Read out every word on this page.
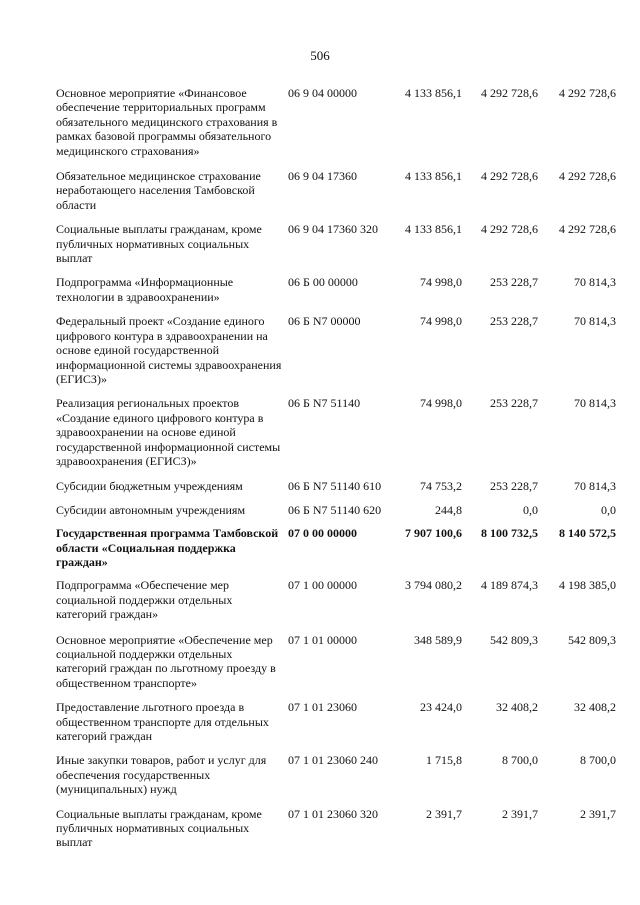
506
Основное мероприятие «Финансовое обеспечение территориальных программ обязательного медицинского страхования в рамках базовой программы обязательного медицинского страхования»
06 9 04 00000	4 133 856,1	4 292 728,6	4 292 728,6
Обязательное медицинское страхование неработающего населения Тамбовской области
06 9 04 17360	4 133 856,1	4 292 728,6	4 292 728,6
Социальные выплаты гражданам, кроме публичных нормативных социальных выплат
06 9 04 17360 320	4 133 856,1	4 292 728,6	4 292 728,6
Подпрограмма «Информационные технологии в здравоохранении»
06 Б 00 00000	74 998,0	253 228,7	70 814,3
Федеральный проект «Создание единого цифрового контура в здравоохранении на основе единой государственной информационной системы здравоохранения (ЕГИСЗ)»
06 Б N7 00000	74 998,0	253 228,7	70 814,3
Реализация региональных проектов «Создание единого цифрового контура в здравоохранении на основе единой государственной информационной системы здравоохранения (ЕГИСЗ)»
06 Б N7 51140	74 998,0	253 228,7	70 814,3
Субсидии бюджетным учреждениям	06 Б N7 51140 610	74 753,2	253 228,7	70 814,3
Субсидии автономным учреждениям	06 Б N7 51140 620	244,8	0,0	0,0
Государственная программа Тамбовской области «Социальная поддержка граждан»
07 0 00 00000	7 907 100,6	8 100 732,5	8 140 572,5
Подпрограмма «Обеспечение мер социальной поддержки отдельных категорий граждан»
07 1 00 00000	3 794 080,2	4 189 874,3	4 198 385,0
Основное мероприятие «Обеспечение мер социальной поддержки отдельных категорий граждан по льготному проезду в общественном транспорте»
07 1 01 00000	348 589,9	542 809,3	542 809,3
Предоставление льготного проезда в общественном транспорте для отдельных категорий граждан
07 1 01 23060	23 424,0	32 408,2	32 408,2
Иные закупки товаров, работ и услуг для обеспечения государственных (муниципальных) нужд
07 1 01 23060 240	1 715,8	8 700,0	8 700,0
Социальные выплаты гражданам, кроме публичных нормативных социальных выплат
07 1 01 23060 320	2 391,7	2 391,7	2 391,7
